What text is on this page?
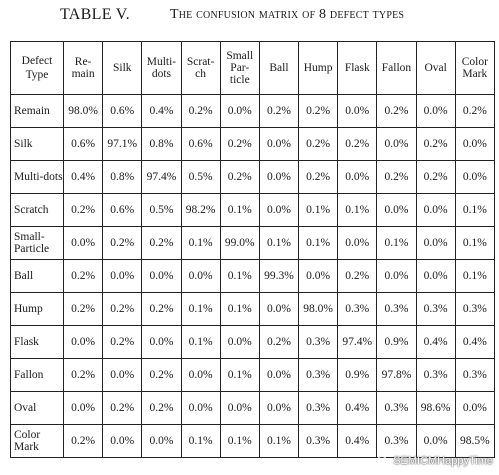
TABLE V.	The confusion matrix of 8 defect types
Defect Type	Re-main	Silk	Multi-dots	Scrat-ch	Small Par-ticle	Ball	Hump	Flask	Fallon	Oval	Color Mark
Remain	98.0%	0.6%	0.4%	0.2%	0.0%	0.2%	0.2%	0.0%	0.2%	0.0%	0.2%
Silk	0.6%	97.1%	0.8%	0.6%	0.2%	0.0%	0.2%	0.2%	0.0%	0.2%	0.0%
Multi-dots	0.4%	0.8%	97.4%	0.5%	0.2%	0.0%	0.2%	0.0%	0.2%	0.2%	0.0%
Scratch	0.2%	0.6%	0.5%	98.2%	0.1%	0.0%	0.1%	0.1%	0.0%	0.0%	0.1%
Small-Particle	0.0%	0.2%	0.2%	0.1%	99.0%	0.1%	0.1%	0.0%	0.1%	0.0%	0.1%
Ball	0.2%	0.0%	0.0%	0.0%	0.1%	99.3%	0.0%	0.2%	0.0%	0.0%	0.1%
Hump	0.2%	0.2%	0.2%	0.1%	0.1%	0.0%	98.0%	0.3%	0.3%	0.3%	0.3%
Flask	0.0%	0.2%	0.0%	0.1%	0.0%	0.2%	0.3%	97.4%	0.9%	0.4%	0.4%
Fallon	0.2%	0.0%	0.2%	0.0%	0.1%	0.0%	0.3%	0.9%	97.8%	0.3%	0.3%
Oval	0.0%	0.2%	0.2%	0.0%	0.0%	0.0%	0.3%	0.4%	0.3%	98.6%	0.0%
Color Mark	0.2%	0.0%	0.0%	0.1%	0.1%	0.1%	0.3%	0.4%	0.3%	0.0%	98.5%
SEMICMHappyTime
